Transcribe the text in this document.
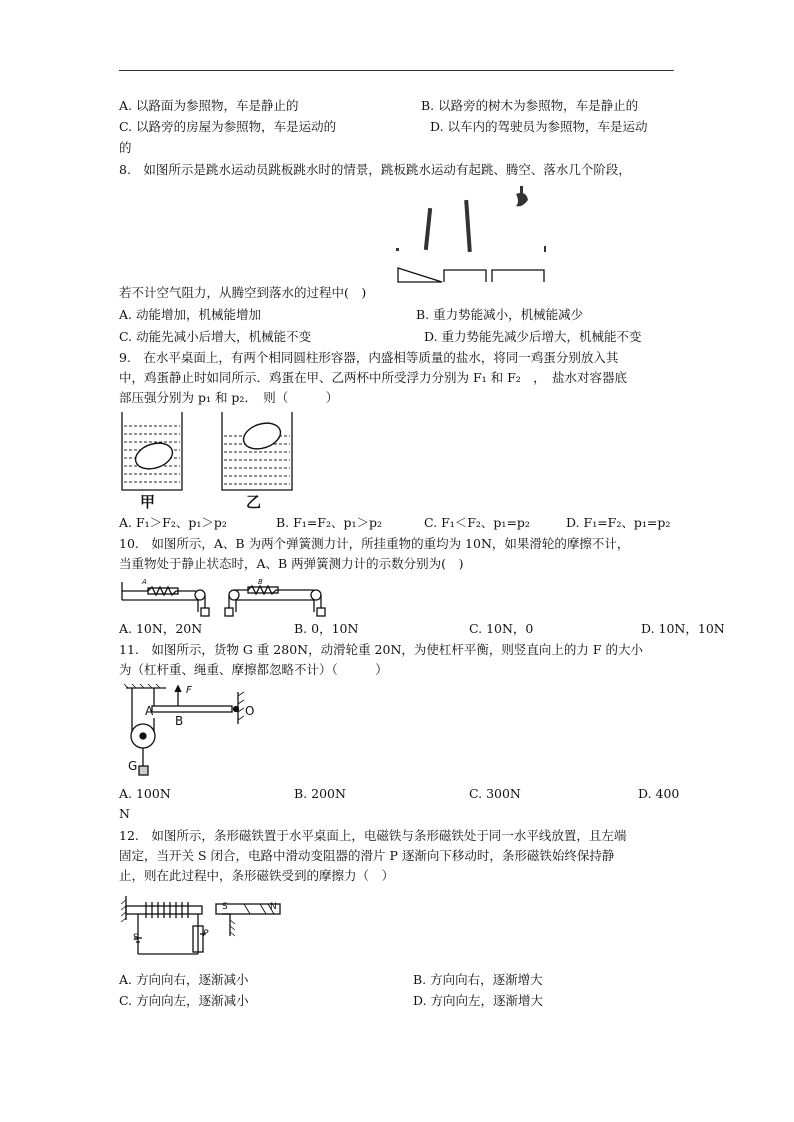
A. 以路面为参照物，车是静止的	B. 以路旁的树木为参照物，车是静止的
C. 以路旁的房屋为参照物，车是运动的	D. 以车内的驾驶员为参照物，车是运动
的
8.　如图所示是跳水运动员跳板跳水时的情景，跳板跳水运动有起跳、腾空、落水几个阶段，
若不计空气阻力，从腾空到落水的过程中(　)
A. 动能增加，机械能增加	B. 重力势能减小，机械能减少
C. 动能先减小后增大，机械能不变	D. 重力势能先减少后增大，机械能不变
9.　在水平桌面上，有两个相同圆柱形容器，内盛相等质量的盐水，将同一鸡蛋分别放入其
中，鸡蛋静止时如同所示．鸡蛋在甲、乙两杯中所受浮力分别为 F₁ 和 F₂　，　盐水对容器底
部压强分别为 p₁ 和 p₂．　则（　　　）
甲	乙
A. F₁＞F₂、p₁＞p₂	B. F₁=F₂、p₁＞p₂	C. F₁＜F₂、p₁=p₂	D. F₁=F₂、p₁=p₂
10.　如图所示，A、B 为两个弹簧测力计，所挂重物的重均为 10N，如果滑轮的摩擦不计，
当重物处于静止状态时，A、B 两弹簧测力计的示数分别为(　)
A	B
A. 10N，20N	B. 0，10N	C. 10N，0	D. 10N，10N
11.　如图所示，货物 G 重 280N，动滑轮重 20N，为使杠杆平衡，则竖直向上的力 F 的大小
为（杠杆重、绳重、摩擦都忽略不计）（　　　）
F
A
B
O
G
A. 100N	B. 200N	C. 300N	D. 400
N
12.　如图所示，条形磁铁置于水平桌面上，电磁铁与条形磁铁处于同一水平线放置，且左端
固定，当开关 S 闭合，电路中滑动变阻器的滑片 P 逐渐向下移动时，条形磁铁始终保持静
止，则在此过程中，条形磁铁受到的摩擦力（　）
S	P
S	N
A. 方向向右，逐渐减小	B. 方向向右，逐渐增大
C. 方向向左，逐渐减小	D. 方向向左，逐渐增大
